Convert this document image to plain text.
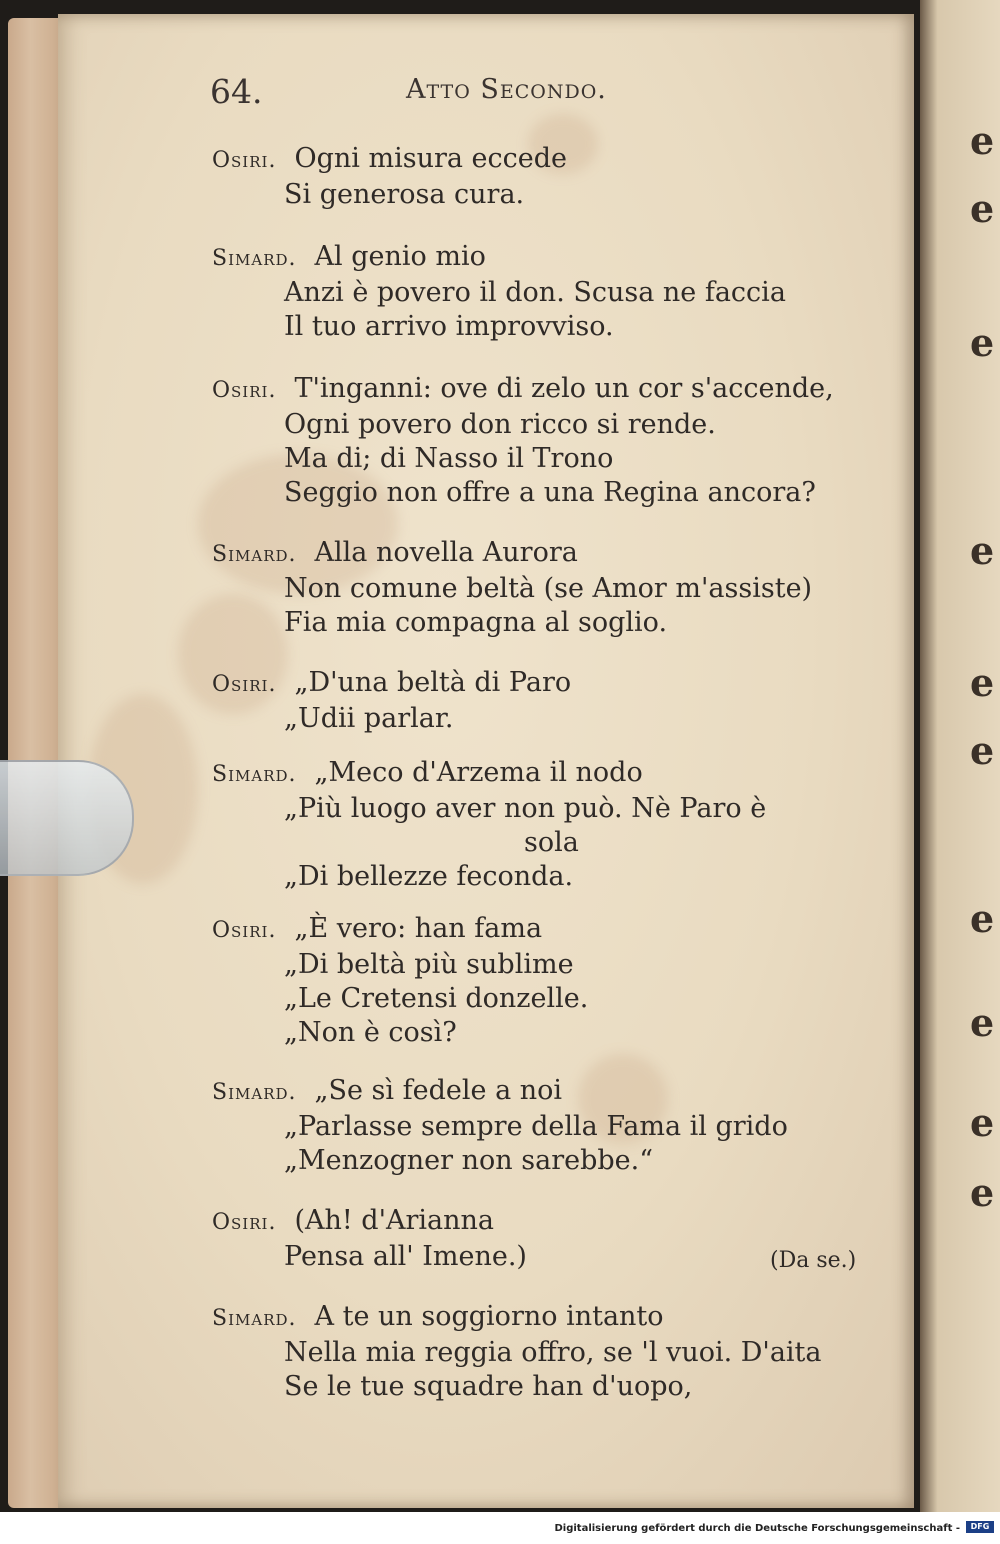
e
e
e
e
e
e
e
e
e
e
64.	Atto Secondo.
Osiri. Ogni misura eccede
Si generosa cura.
Simard. Al genio mio
Anzi è povero il don. Scusa ne faccia
Il tuo arrivo improvviso.
Osiri. T'inganni: ove di zelo un cor s'accende,
Ogni povero don ricco si rende.
Ma di; di Nasso il Trono
Seggio non offre a una Regina ancora?
Simard. Alla novella Aurora
Non comune beltà (se Amor m'assiste)
Fia mia compagna al soglio.
Osiri. „D'una beltà di Paro
„Udii parlar.
Simard. „Meco d'Arzema il nodo
„Più luogo aver non può. Nè Paro è
sola
„Di bellezze feconda.
Osiri. „È vero: han fama
„Di beltà più sublime
„Le Cretensi donzelle.
„Non è così?
Simard. „Se sì fedele a noi
„Parlasse sempre della Fama il grido
„Menzogner non sarebbe.“
Osiri. (Ah! d'Arianna
Pensa all' Imene.)	(Da se.)
Simard. A te un soggiorno intanto
Nella mia reggia offro, se 'l vuoi. D'aita
Se le tue squadre han d'uopo,
Digitalisierung gefördert durch die Deutsche Forschungsgemeinschaft -	DFG
